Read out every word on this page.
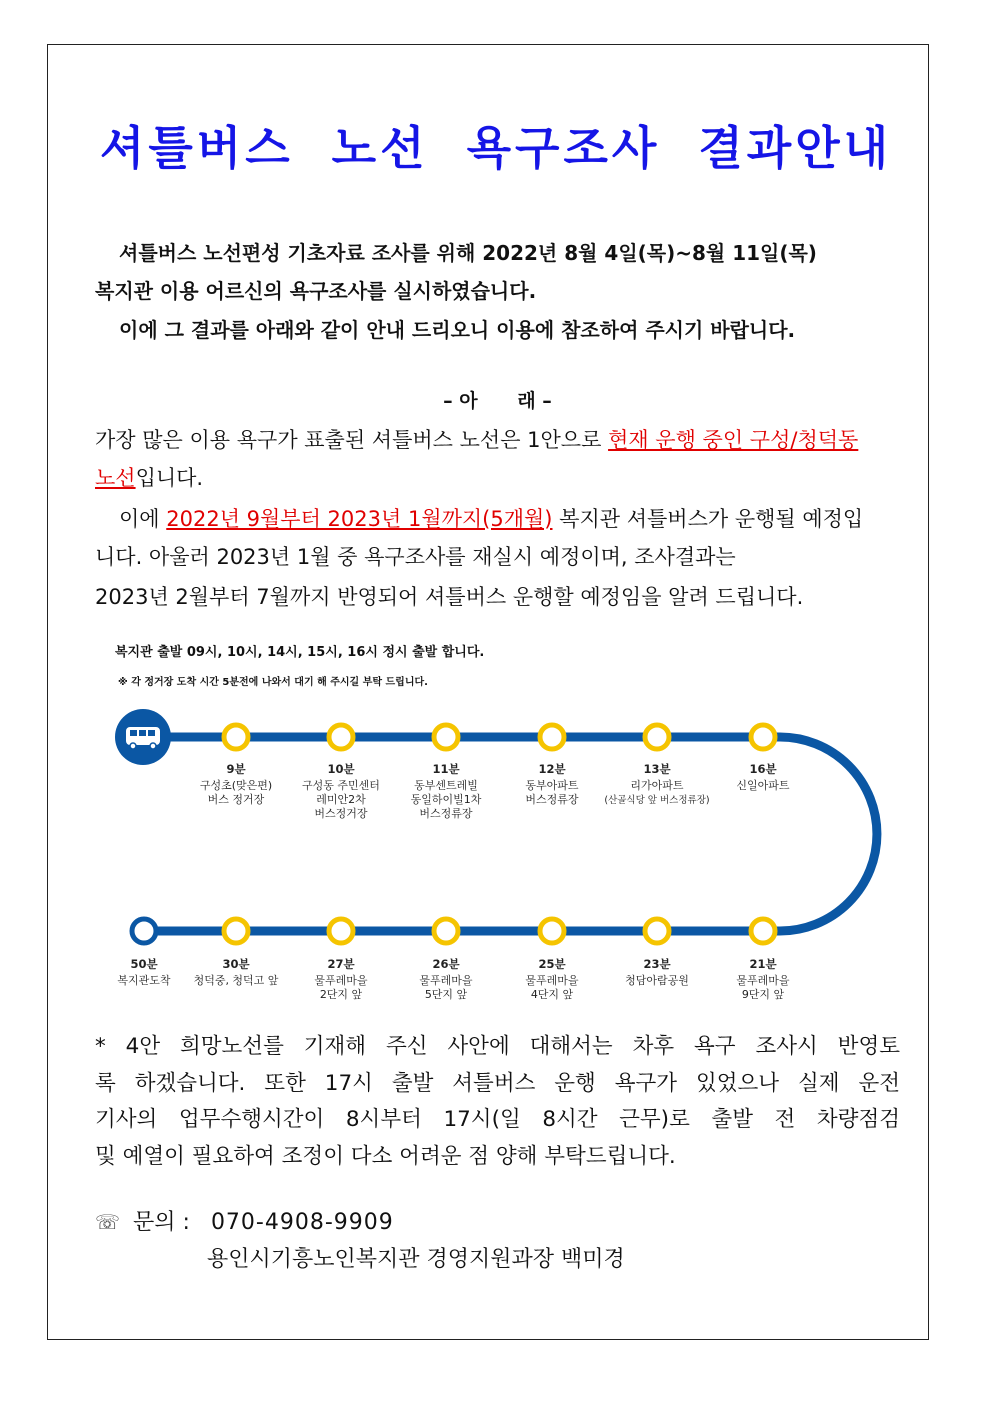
셔틀버스 노선 욕구조사 결과안내
셔틀버스 노선편성 기초자료 조사를 위해 2022년 8월 4일(목)~8월 11일(목)
복지관 이용 어르신의 욕구조사를 실시하였습니다.
이에 그 결과를 아래와 같이 안내 드리오니 이용에 참조하여 주시기 바랍니다.
– 아      래 –
가장 많은 이용 욕구가 표출된 셔틀버스 노선은 1안으로 현재 운행 중인 구성/청덕동
노선입니다.
이에 2022년 9월부터 2023년 1월까지(5개월) 복지관 셔틀버스가 운행될 예정입
니다. 아울러 2023년 1월 중 욕구조사를 재실시 예정이며, 조사결과는
2023년 2월부터 7월까지 반영되어 셔틀버스 운행할 예정임을 알려 드립니다.
복지관 출발 09시, 10시, 14시, 15시, 16시 정시 출발 합니다.
※ 각 정거장 도착 시간 5분전에 나와서 대기 해 주시길 부탁 드립니다.
9분
구성초(맞은편)
버스 정거장
10분
구성동 주민센터
레미안2차
버스정거장
11분
동부센트레빌
동일하이빌1차
버스정류장
12분
동부아파트
버스정류장
13분
리가아파트
(산골식당 앞 버스정류장)
16분
신일아파트
50분
복지관도착
30분
청덕중, 청덕고 앞
27분
물푸레마을
2단지 앞
26분
물푸레마을
5단지 앞
25분
물푸레마을
4단지 앞
23분
청담아람공원
21분
물푸레마을
9단지 앞
* 4안 희망노선를 기재해 주신 사안에 대해서는 차후 욕구 조사시 반영토
록 하겠습니다. 또한 17시 출발 셔틀버스 운행 욕구가 있었으나 실제 운전
기사의 업무수행시간이 8시부터 17시(일 8시간 근무)로 출발 전 차량점검
및 예열이 필요하여 조정이 다소 어려운 점 양해 부탁드립니다.
☏ 문의 : 070-4908-9909
용인시기흥노인복지관 경영지원과장 백미경
